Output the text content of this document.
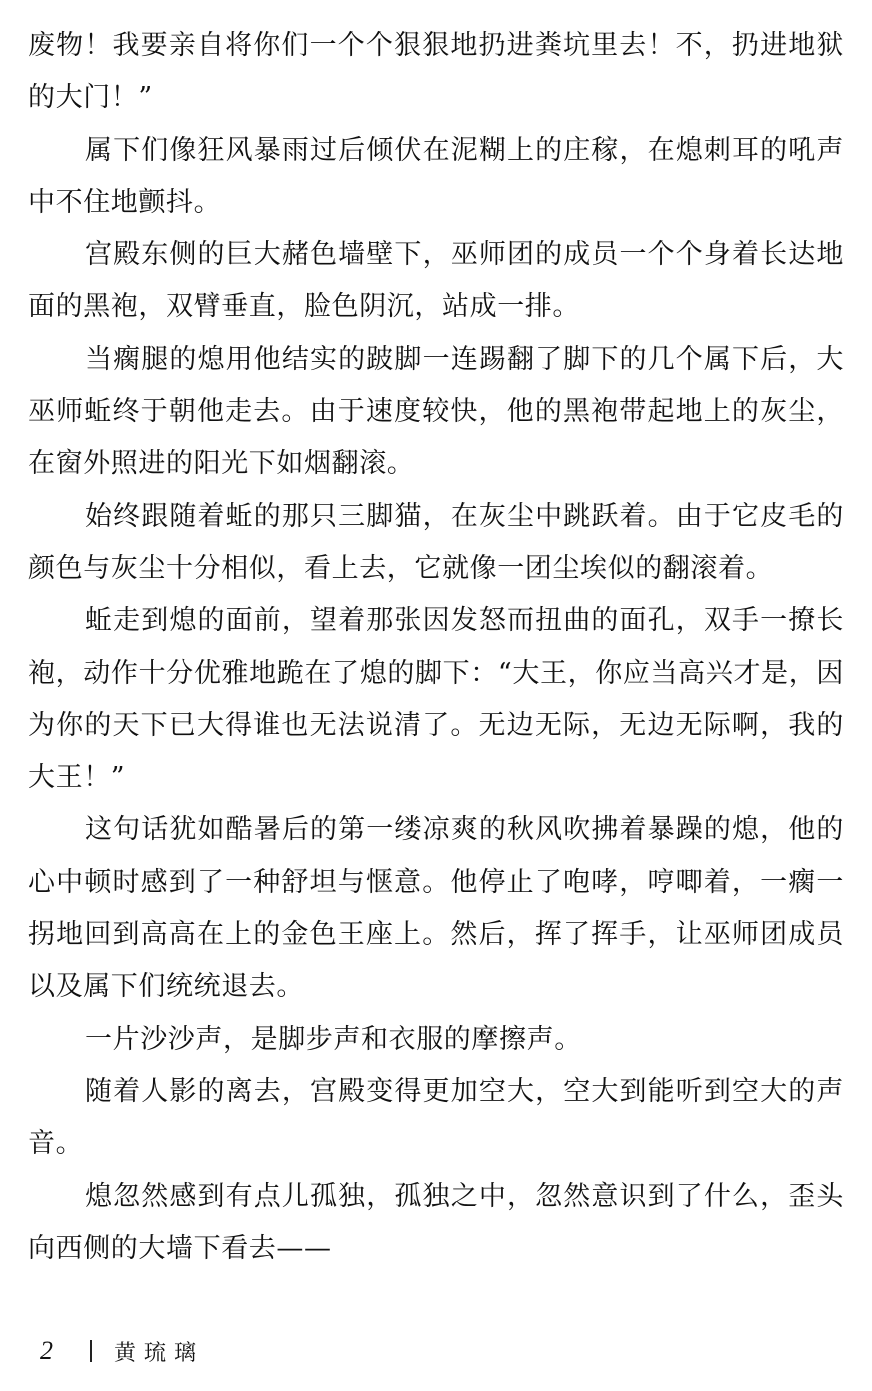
废物！我要亲自将你们一个个狠狠地扔进粪坑里去！不，扔进地狱的大门！”

属下们像狂风暴雨过后倾伏在泥糊上的庄稼，在熄刺耳的吼声中不住地颤抖。

宫殿东侧的巨大赭色墙壁下，巫师团的成员一个个身着长达地面的黑袍，双臂垂直，脸色阴沉，站成一排。

当瘸腿的熄用他结实的跛脚一连踢翻了脚下的几个属下后，大巫师蚯终于朝他走去。由于速度较快，他的黑袍带起地上的灰尘，在窗外照进的阳光下如烟翻滚。

始终跟随着蚯的那只三脚猫，在灰尘中跳跃着。由于它皮毛的颜色与灰尘十分相似，看上去，它就像一团尘埃似的翻滚着。

蚯走到熄的面前，望着那张因发怒而扭曲的面孔，双手一撩长袍，动作十分优雅地跪在了熄的脚下：“大王，你应当高兴才是，因为你的天下已大得谁也无法说清了。无边无际，无边无际啊，我的大王！”

这句话犹如酷暑后的第一缕凉爽的秋风吹拂着暴躁的熄，他的心中顿时感到了一种舒坦与惬意。他停止了咆哮，哼唧着，一瘸一拐地回到高高在上的金色王座上。然后，挥了挥手，让巫师团成员以及属下们统统退去。

一片沙沙声，是脚步声和衣服的摩擦声。

随着人影的离去，宫殿变得更加空大，空大到能听到空大的声音。

熄忽然感到有点儿孤独，孤独之中，忽然意识到了什么，歪头向西侧的大墙下看去——

2	黄琉璃
